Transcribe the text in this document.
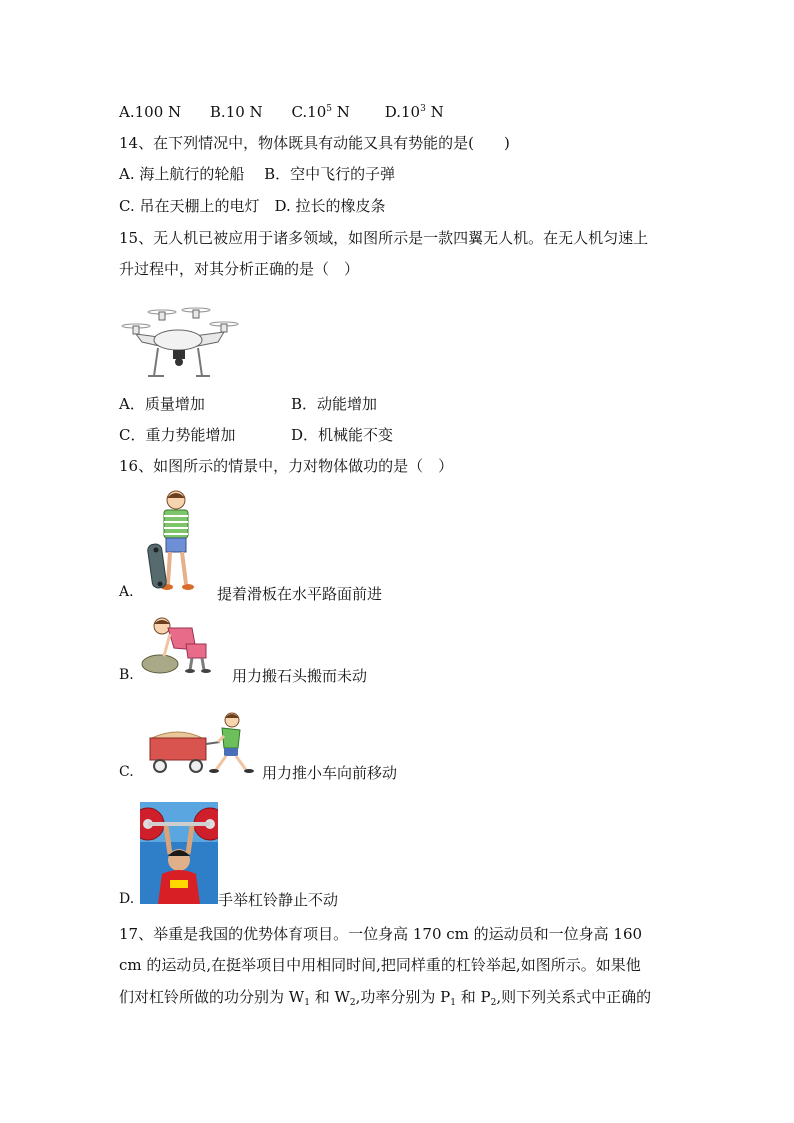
A.100 N B.10 N $C.10^5$ N $D.10^3$ N
14、在下列情况中，物体既具有动能又具有势能的是(　　)
A. 海上航行的轮船　 B．空中飞行的子弹
C. 吊在天棚上的电灯　D. 拉长的橡皮条
15、无人机已被应用于诸多领域，如图所示是一款四翼无人机。在无人机匀速上
升过程中，对其分析正确的是（　）
A．质量增加	B．动能增加
C．重力势能增加	D．机械能不变
16、如图所示的情景中，力对物体做功的是（　）
A.	提着滑板在水平路面前进
B.	用力搬石头搬而未动
C.	用力推小车向前移动
D.	手举杠铃静止不动
17、举重是我国的优势体育项目。一位身高 170 cm 的运动员和一位身高 160
cm 的运动员,在挺举项目中用相同时间,把同样重的杠铃举起,如图所示。如果他
们对杠铃所做的功分别为 $W_1$ 和 $W_2$,功率分别为 $P_1$ 和 $P_2$,则下列关系式中正确的
